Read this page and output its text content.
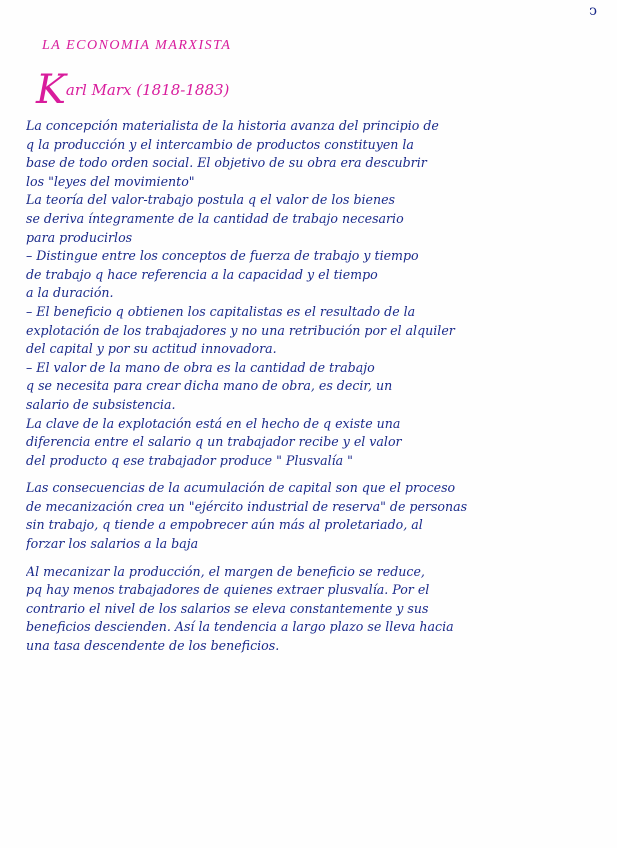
ↄ
LA ECONOMIA MARXISTA
Karl Marx (1818-1883)
La concepción materialista de la historia avanza del principio de
q la producción y el intercambio de productos constituyen la
base de todo orden social. El objetivo de su obra era descubrir
los "leyes del movimiento"
La teoría del valor-trabajo postula q el valor de los bienes
se deriva íntegramente de la cantidad de trabajo necesario
para producirlos
– Distingue entre los conceptos de fuerza de trabajo y tiempo
de trabajo q hace referencia a la capacidad y el tiempo
a la duración.
– El beneficio q obtienen los capitalistas es el resultado de la
explotación de los trabajadores y no una retribución por el alquiler
del capital y por su actitud innovadora.
– El valor de la mano de obra es la cantidad de trabajo
q se necesita para crear dicha mano de obra, es decir, un
salario de subsistencia.
La clave de la explotación está en el hecho de q existe una
diferencia entre el salario q un trabajador recibe y el valor
del producto q ese trabajador produce " Plusvalía "
Las consecuencias de la acumulación de capital son que el proceso
de mecanización crea un "ejército industrial de reserva" de personas
sin trabajo, q tiende a empobrecer aún más al proletariado, al
forzar los salarios a la baja
Al mecanizar la producción, el margen de beneficio se reduce,
pq hay menos trabajadores de quienes extraer plusvalía. Por el
contrario el nivel de los salarios se eleva constantemente y sus
beneficios descienden. Así la tendencia a largo plazo se lleva hacia
una tasa descendente de los beneficios.
